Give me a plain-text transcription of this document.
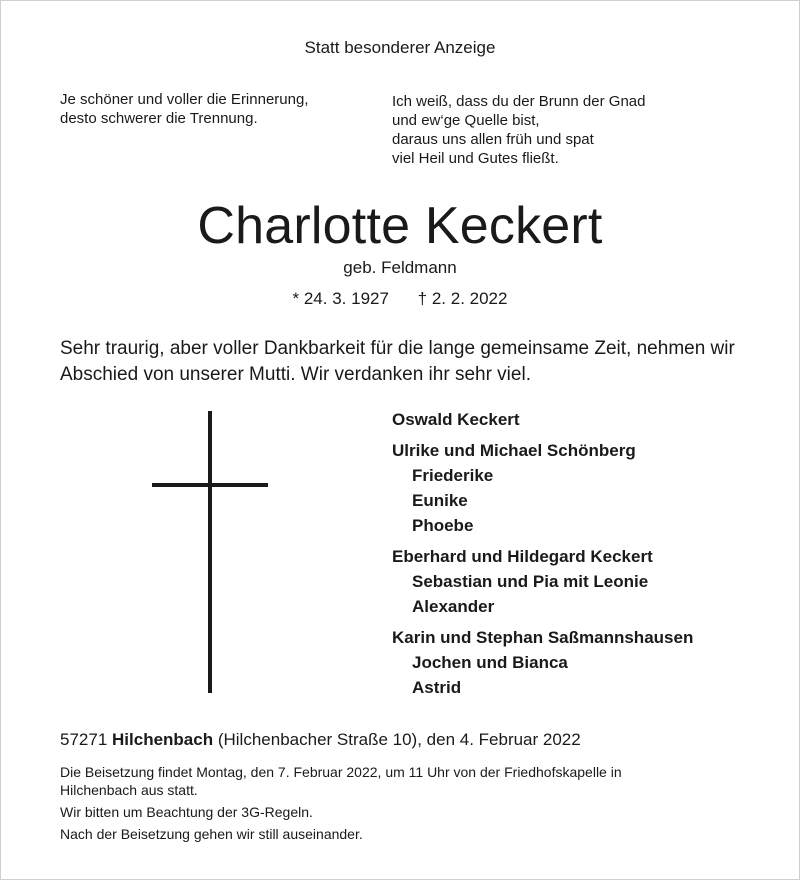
Statt besonderer Anzeige
Je schöner und voller die Erinnerung,
desto schwerer die Trennung.
Ich weiß, dass du der Brunn der Gnad
und ew‘ge Quelle bist,
daraus uns allen früh und spat
viel Heil und Gutes fließt.
Charlotte Keckert
geb. Feldmann
* 24. 3. 1927 † 2. 2. 2022
Sehr traurig, aber voller Dankbarkeit für die lange gemeinsame Zeit, nehmen wir
Abschied von unserer Mutti. Wir verdanken ihr sehr viel.
Oswald Keckert
Ulrike und Michael Schönberg
Friederike
Eunike
Phoebe
Eberhard und Hildegard Keckert
Sebastian und Pia mit Leonie
Alexander
Karin und Stephan Saßmannshausen
Jochen und Bianca
Astrid
57271 Hilchenbach (Hilchenbacher Straße 10), den 4. Februar 2022
Die Beisetzung findet Montag, den 7. Februar 2022, um 11 Uhr von der Friedhofskapelle in
Hilchenbach aus statt.
Wir bitten um Beachtung der 3G-Regeln.
Nach der Beisetzung gehen wir still auseinander.
